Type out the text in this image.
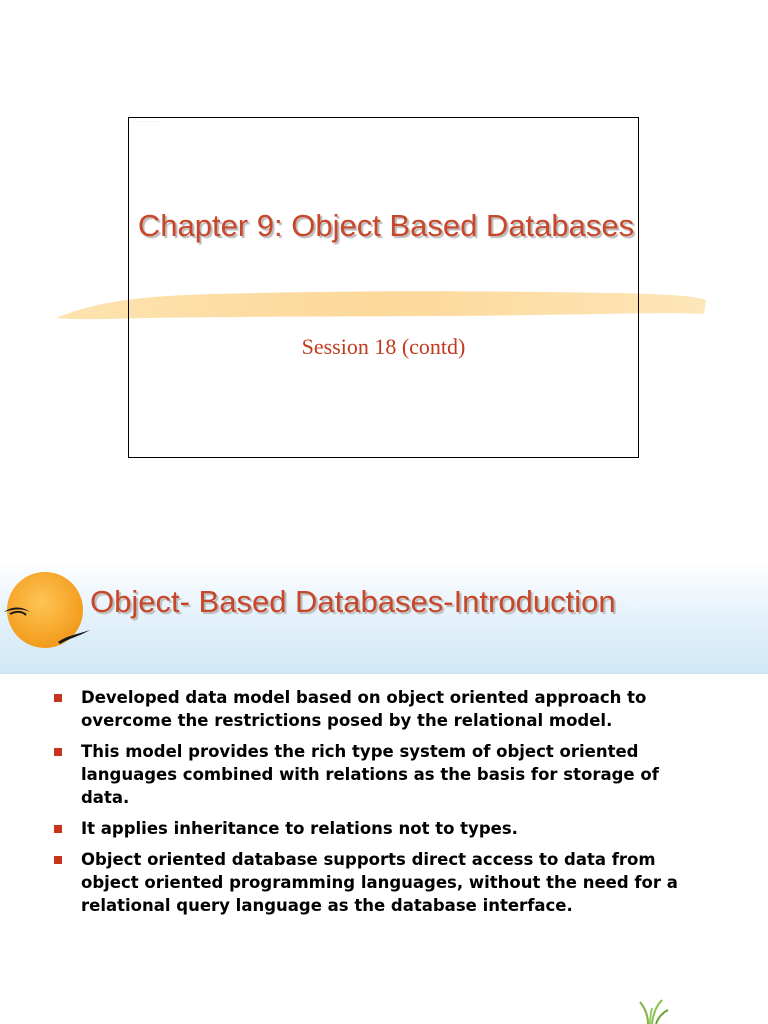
·····························
Chapter 9: Object Based Databases
Session 18 (contd)
Object- Based Databases-Introduction
Developed data model based on object oriented approach to overcome the restrictions posed by the relational model.
This model provides the rich type system of object oriented languages combined with relations as the basis for storage of data.
It applies inheritance to relations not to types.
Object oriented database supports direct access to data from object oriented programming languages, without the need for a relational query language as the database interface.
